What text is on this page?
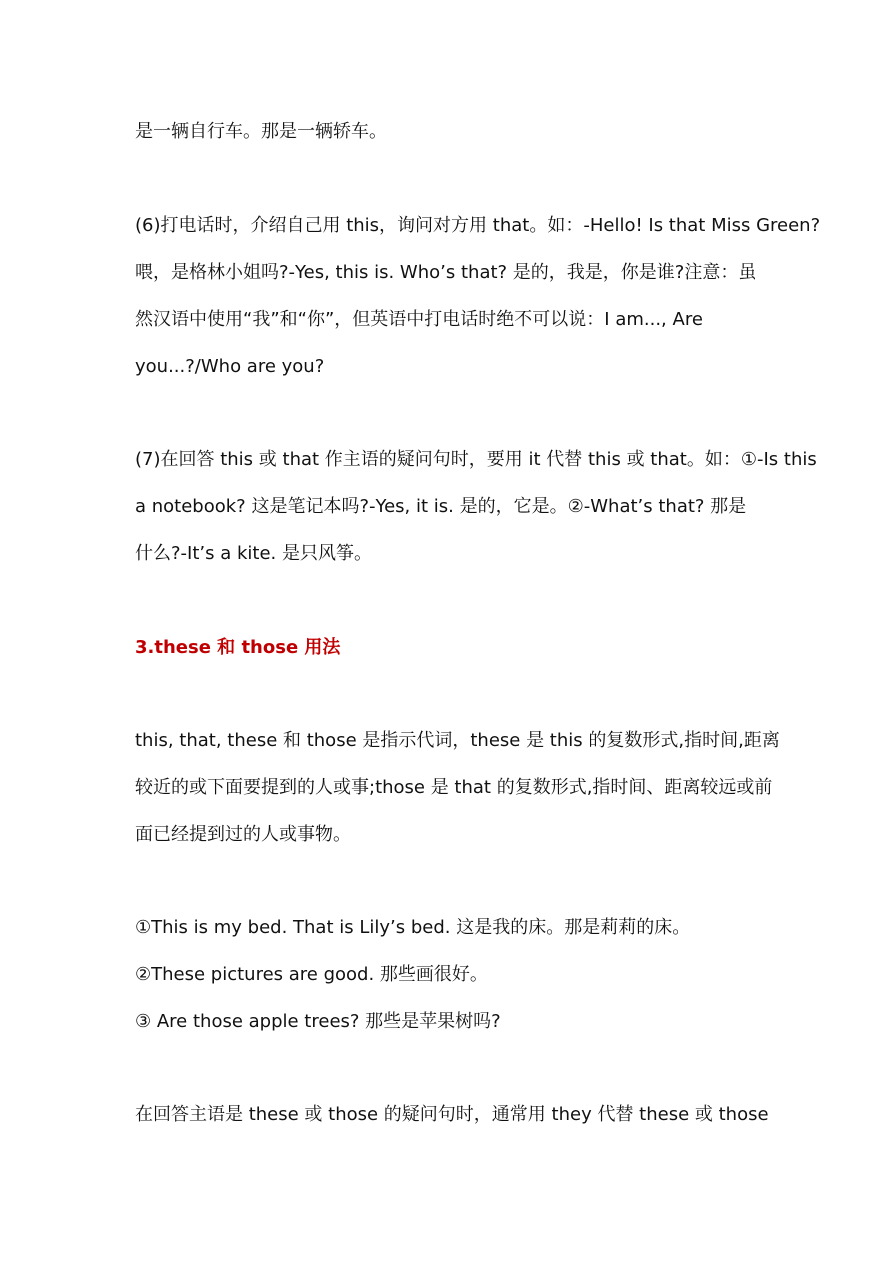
是一辆自行车。那是一辆轿车。
(6)打电话时，介绍自己用 this，询问对方用 that。如：-Hello! Is that Miss Green?
喂，是格林小姐吗?-Yes, this is. Who’s that? 是的，我是，你是谁?注意：虽
然汉语中使用“我”和“你”，但英语中打电话时绝不可以说：I am..., Are
you...?/Who are you?
(7)在回答 this 或 that 作主语的疑问句时，要用 it 代替 this 或 that。如：①-Is this
a notebook? 这是笔记本吗?-Yes, it is. 是的，它是。②-What’s that? 那是
什么?-It’s a kite. 是只风筝。
3.these 和 those 用法
this, that, these 和 those 是指示代词，these 是 this 的复数形式,指时间,距离
较近的或下面要提到的人或事;those 是 that 的复数形式,指时间、距离较远或前
面已经提到过的人或事物。
①This is my bed. That is Lily’s bed. 这是我的床。那是莉莉的床。
②These pictures are good. 那些画很好。
③ Are those apple trees? 那些是苹果树吗?
在回答主语是 these 或 those 的疑问句时，通常用 they 代替 these 或 those
